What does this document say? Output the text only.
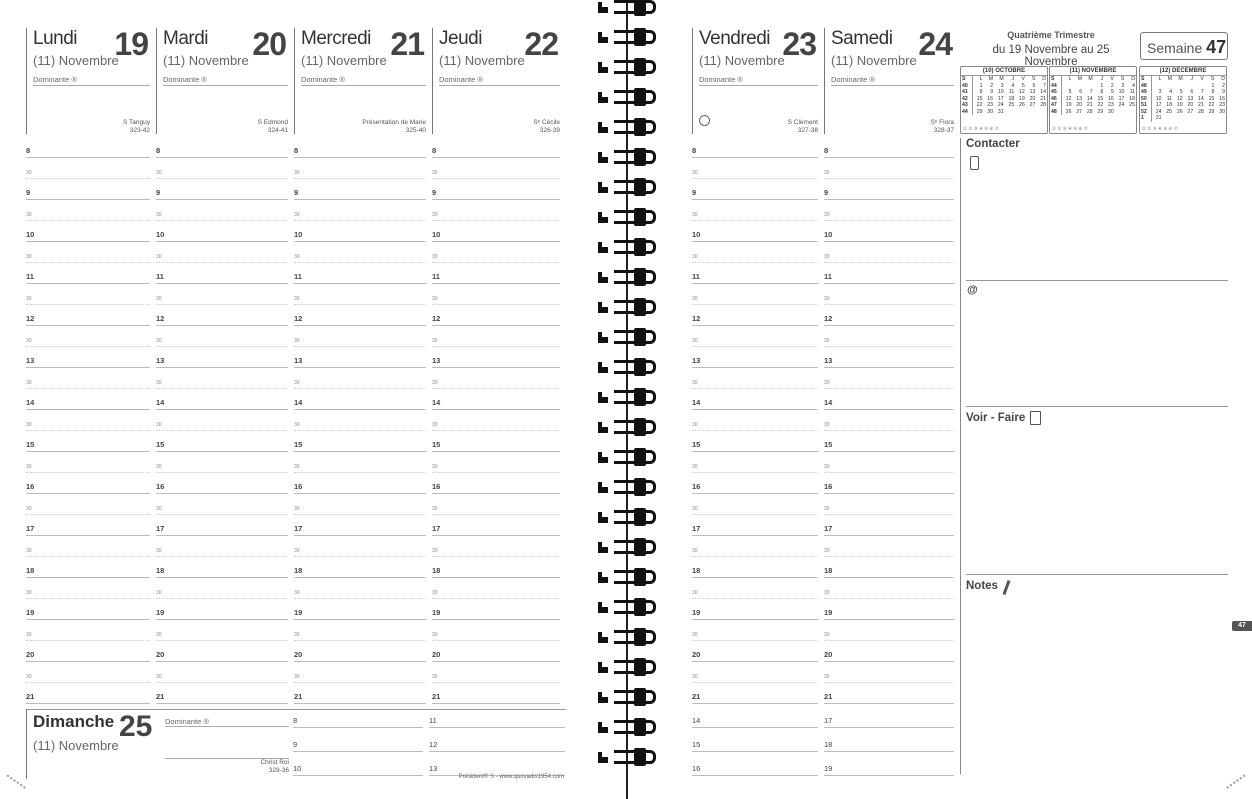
Lundi 19
(11) Novembre
Dominante ®
S Tanguy
323-42
8
30
9
30
10
30
11
30
12
30
13
30
14
30
15
30
16
30
17
30
18
30
19
30
20
30
21
Mardi 20
(11) Novembre
Dominante ®
S Edmond
324-41
8
30
9
30
10
30
11
30
12
30
13
30
14
30
15
30
16
30
17
30
18
30
19
30
20
30
21
Mercredi 21
(11) Novembre
Dominante ®
Présentation de Marie
325-40
8
30
9
30
10
30
11
30
12
30
13
30
14
30
15
30
16
30
17
30
18
30
19
30
20
30
21
Jeudi 22
(11) Novembre
Dominante ®
Sᵉ Cécile
326-39
8
30
9
30
10
30
11
30
12
30
13
30
14
30
15
30
16
30
17
30
18
30
19
30
20
30
21
Dimanche 25
(11) Novembre
Dominante ®
Christ Roi
329-36
8
9
10
11
12
13
Président® S - www.quovadis1954.com
Quatrième Trimestre
du 19 Novembre au 25 Novembre
Semaine 47
Contacter
@
Voir - Faire
Notes
47
Vendredi 23
(11) Novembre
Dominante ®
S Clément
327-38
8
30
9
30
10
30
11
30
12
30
13
30
14
30
15
30
16
30
17
30
18
30
19
30
20
30
21
Samedi 24
(11) Novembre
Dominante ®
Sᵉ Flora
328-37
8
30
9
30
10
30
11
30
12
30
13
30
14
30
15
30
16
30
17
30
18
30
19
30
20
30
21
14
15
16
17
18
19
(10) OCTOBRE
S	L	M	M	J	V	S	D
40	1	2	3	4	5	6	7
41	8	9	10	11	12	13	14
42	15	16	17	18	19	20	21
43	22	23	24	25	26	27	28
44	29	30	31				
① ② ③ ④ ⑤ ⑥ ⑦
(11) NOVEMBRE
S	L	M	M	J	V	S	D
44				1	2	3	4
45	5	6	7	8	9	10	11
46	12	13	14	15	16	17	18
47	19	20	21	22	23	24	25
48	26	27	28	29	30		
① ② ③ ④ ⑤ ⑥ ⑦
(12) DÉCEMBRE
S	L	M	M	J	V	S	D
48						1	2
49	3	4	5	6	7	8	9
50	10	11	12	13	14	15	16
51	17	18	19	20	21	22	23
52	24	25	26	27	28	29	30
1	31						
① ② ③ ④ ⑤ ⑥ ⑦
